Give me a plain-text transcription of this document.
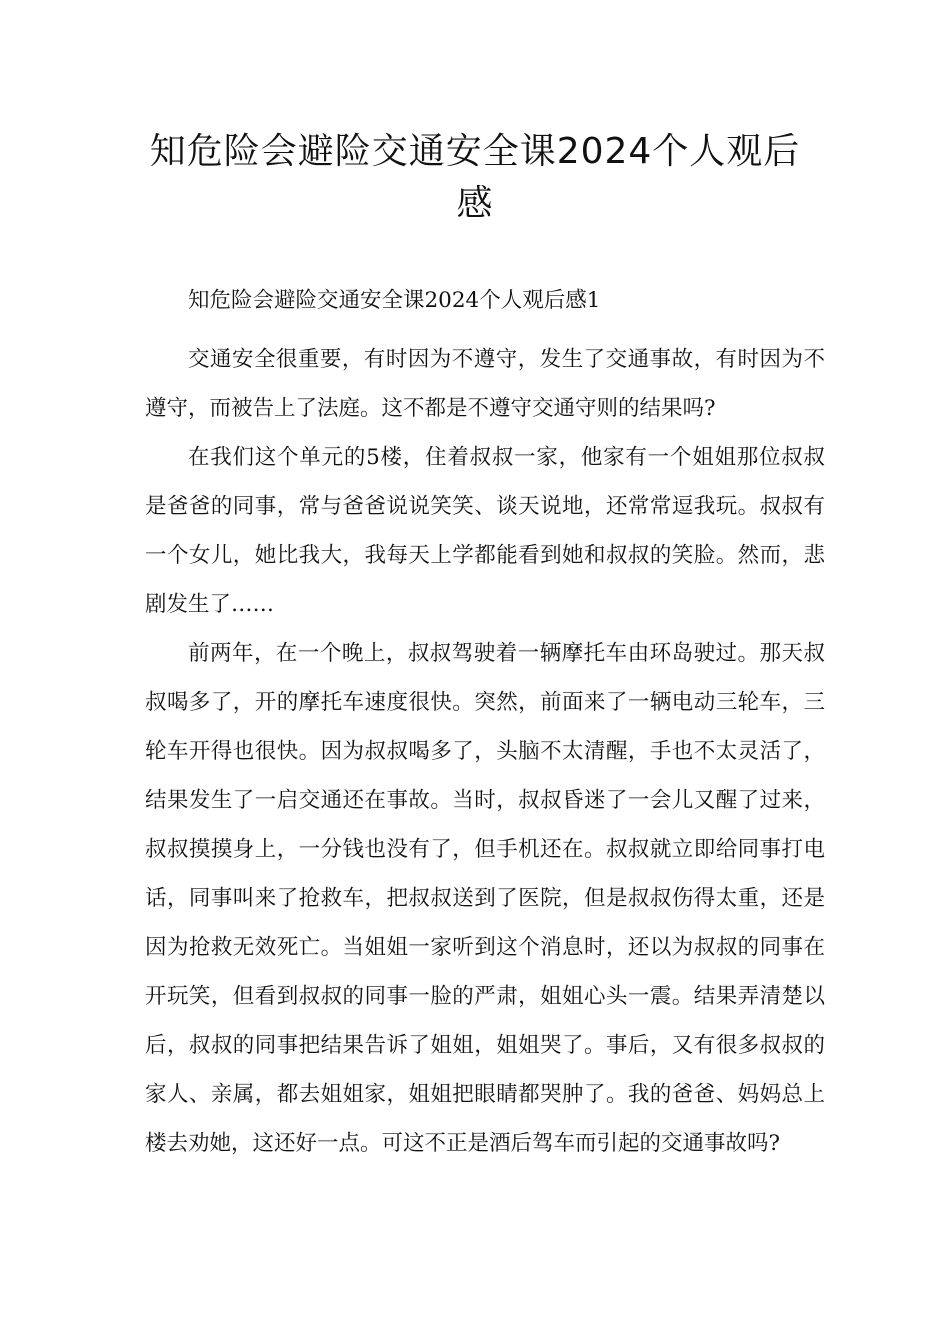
知危险会避险交通安全课2024个人观后感

知危险会避险交通安全课2024个人观后感1

交通安全很重要，有时因为不遵守，发生了交通事故，有时因为不遵守，而被告上了法庭。这不都是不遵守交通守则的结果吗?

在我们这个单元的5楼，住着叔叔一家，他家有一个姐姐那位叔叔是爸爸的同事，常与爸爸说说笑笑、谈天说地，还常常逗我玩。叔叔有一个女儿，她比我大，我每天上学都能看到她和叔叔的笑脸。然而，悲剧发生了……

前两年，在一个晚上，叔叔驾驶着一辆摩托车由环岛驶过。那天叔叔喝多了，开的摩托车速度很快。突然，前面来了一辆电动三轮车，三轮车开得也很快。因为叔叔喝多了，头脑不太清醒，手也不太灵活了，结果发生了一启交通还在事故。当时，叔叔昏迷了一会儿又醒了过来，叔叔摸摸身上，一分钱也没有了，但手机还在。叔叔就立即给同事打电话，同事叫来了抢救车，把叔叔送到了医院，但是叔叔伤得太重，还是因为抢救无效死亡。当姐姐一家听到这个消息时，还以为叔叔的同事在开玩笑，但看到叔叔的同事一脸的严肃，姐姐心头一震。结果弄清楚以后，叔叔的同事把结果告诉了姐姐，姐姐哭了。事后，又有很多叔叔的家人、亲属，都去姐姐家，姐姐把眼睛都哭肿了。我的爸爸、妈妈总上楼去劝她，这还好一点。可这不正是酒后驾车而引起的交通事故吗?
